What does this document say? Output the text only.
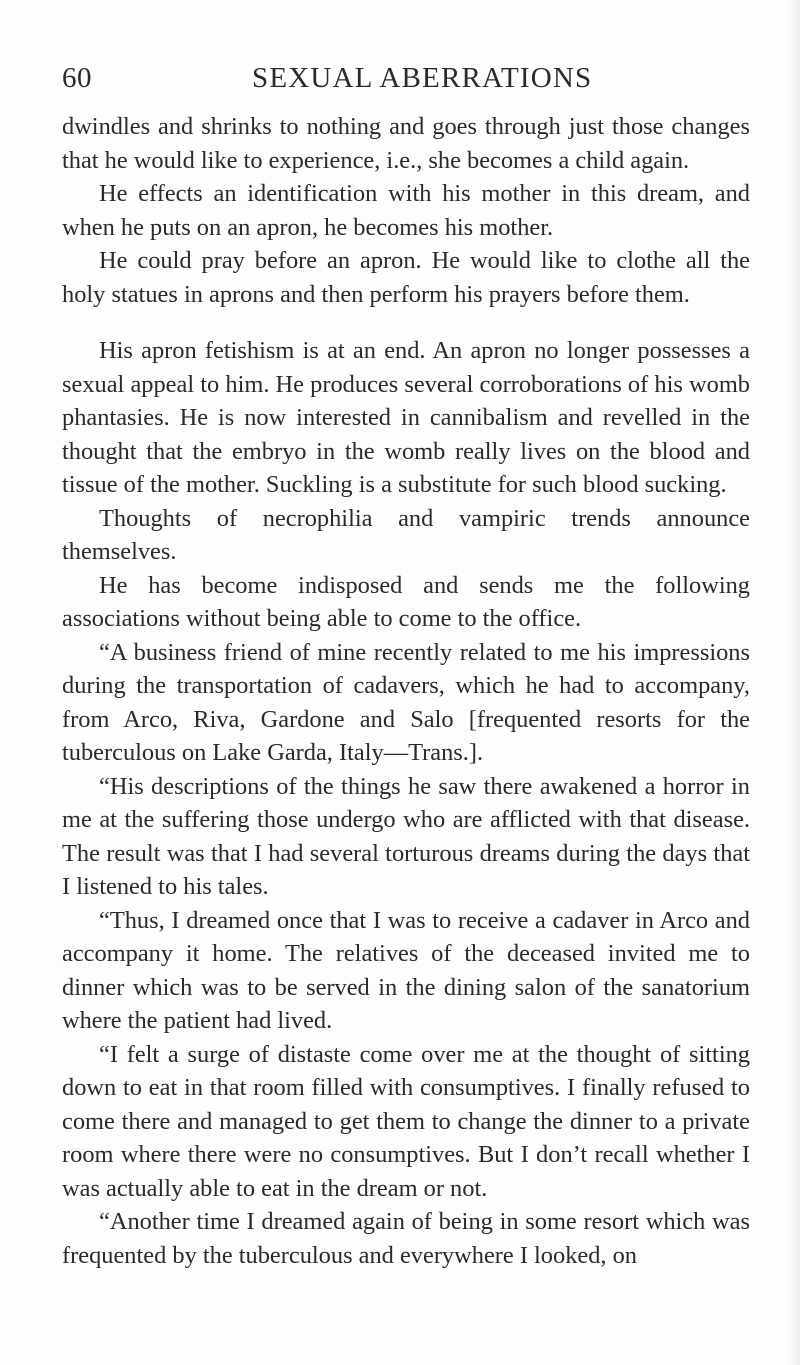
60	SEXUAL ABERRATIONS

dwindles and shrinks to nothing and goes through just those changes that he would like to experience, i.e., she becomes a child again.

He effects an identification with his mother in this dream, and when he puts on an apron, he becomes his mother.

He could pray before an apron. He would like to clothe all the holy statues in aprons and then perform his prayers before them.

His apron fetishism is at an end. An apron no longer possesses a sexual appeal to him. He produces several corroborations of his womb phantasies. He is now interested in cannibalism and revelled in the thought that the embryo in the womb really lives on the blood and tissue of the mother. Suckling is a substitute for such blood sucking.

Thoughts of necrophilia and vampiric trends announce themselves.

He has become indisposed and sends me the following associations without being able to come to the office.

“A business friend of mine recently related to me his impressions during the transportation of cadavers, which he had to accompany, from Arco, Riva, Gardone and Salo [frequented resorts for the tuberculous on Lake Garda, Italy—Trans.].

“His descriptions of the things he saw there awakened a horror in me at the suffering those undergo who are afflicted with that disease. The result was that I had several torturous dreams during the days that I listened to his tales.

“Thus, I dreamed once that I was to receive a cadaver in Arco and accompany it home. The relatives of the deceased invited me to dinner which was to be served in the dining salon of the sanatorium where the patient had lived.

“I felt a surge of distaste come over me at the thought of sitting down to eat in that room filled with consumptives. I finally refused to come there and managed to get them to change the dinner to a private room where there were no consumptives. But I don’t recall whether I was actually able to eat in the dream or not.

“Another time I dreamed again of being in some resort which was frequented by the tuberculous and everywhere I looked, on
